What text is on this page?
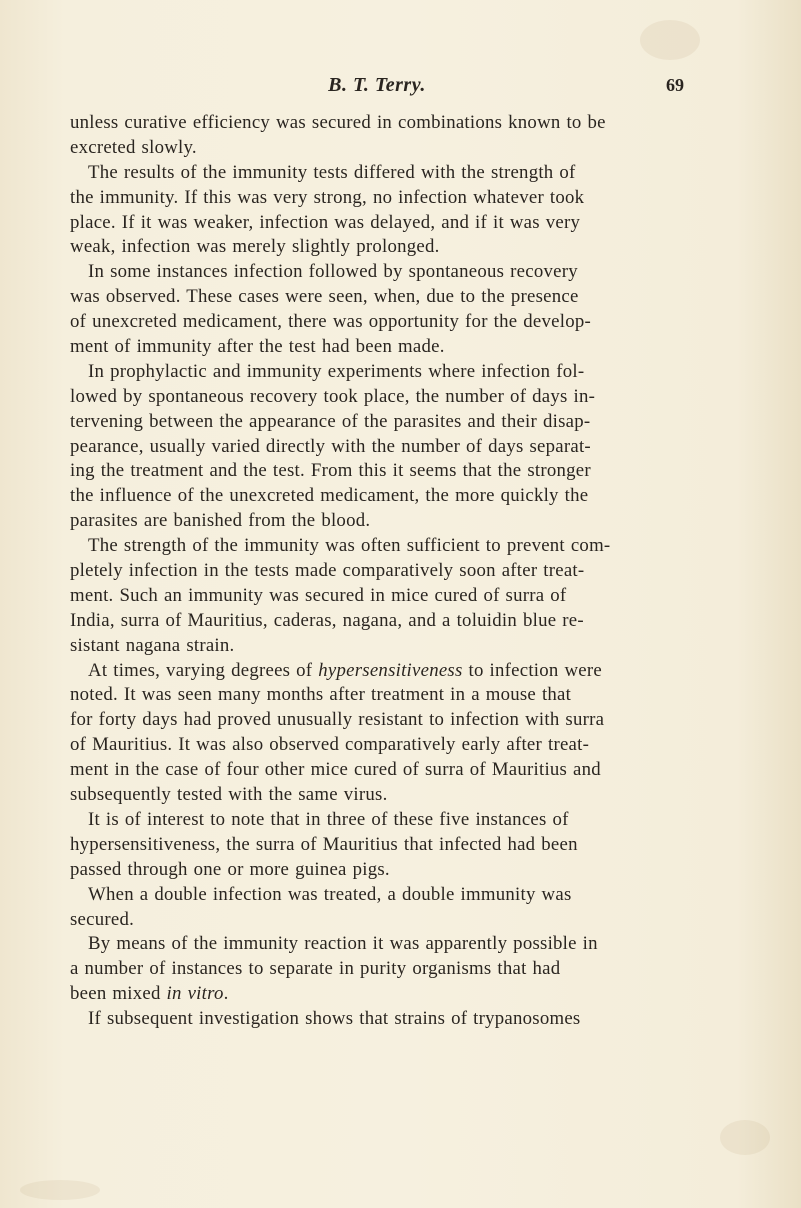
B. T. Terry.	69
unless curative efficiency was secured in combinations known to be
excreted slowly.
The results of the immunity tests differed with the strength of
the immunity. If this was very strong, no infection whatever took
place. If it was weaker, infection was delayed, and if it was very
weak, infection was merely slightly prolonged.
In some instances infection followed by spontaneous recovery
was observed. These cases were seen, when, due to the presence
of unexcreted medicament, there was opportunity for the develop-
ment of immunity after the test had been made.
In prophylactic and immunity experiments where infection fol-
lowed by spontaneous recovery took place, the number of days in-
tervening between the appearance of the parasites and their disap-
pearance, usually varied directly with the number of days separat-
ing the treatment and the test. From this it seems that the stronger
the influence of the unexcreted medicament, the more quickly the
parasites are banished from the blood.
The strength of the immunity was often sufficient to prevent com-
pletely infection in the tests made comparatively soon after treat-
ment. Such an immunity was secured in mice cured of surra of
India, surra of Mauritius, caderas, nagana, and a toluidin blue re-
sistant nagana strain.
At times, varying degrees of hypersensitiveness to infection were
noted. It was seen many months after treatment in a mouse that
for forty days had proved unusually resistant to infection with surra
of Mauritius. It was also observed comparatively early after treat-
ment in the case of four other mice cured of surra of Mauritius and
subsequently tested with the same virus.
It is of interest to note that in three of these five instances of
hypersensitiveness, the surra of Mauritius that infected had been
passed through one or more guinea pigs.
When a double infection was treated, a double immunity was
secured.
By means of the immunity reaction it was apparently possible in
a number of instances to separate in purity organisms that had
been mixed in vitro.
If subsequent investigation shows that strains of trypanosomes
